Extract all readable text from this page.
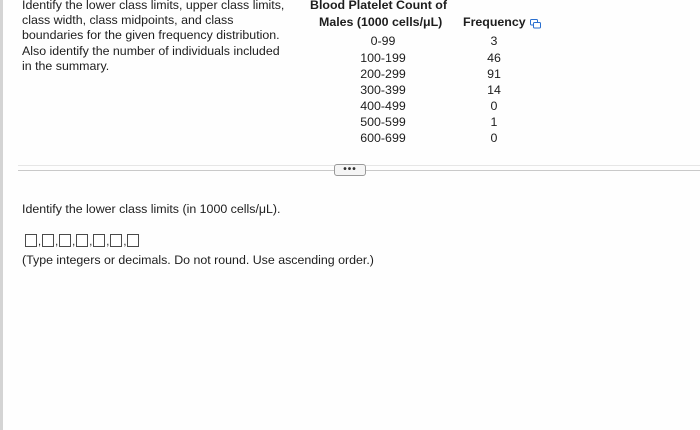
Identify the lower class limits, upper class limits,
class width, class midpoints, and class
boundaries for the given frequency distribution.
Also identify the number of individuals included
in the summary.
Blood Platelet Count of
Males (1000 cells/μL) Frequency
0-99	3
100-199	46
200-299	91
300-399	14
400-499	0
500-599	1
600-699	0
•••
Identify the lower class limits (in 1000 cells/μL).
, , , , , ,
(Type integers or decimals. Do not round. Use ascending order.)
